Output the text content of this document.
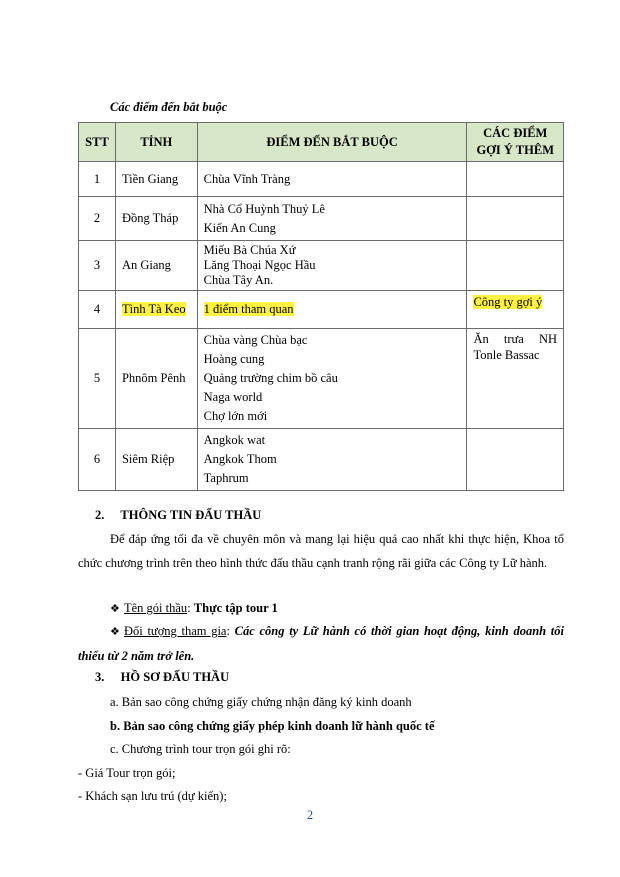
Các điểm đến bắt buộc
STT	TỈNH	ĐIỂM ĐẾN BẮT BUỘC	CÁC ĐIỂM
GỢI Ý THÊM

1	Tiền Giang	Chùa Vĩnh Tràng	

2	Đồng Tháp	Nhà Cổ Huỳnh Thuỷ Lê
Kiến An Cung	

3	An Giang	Miếu Bà Chúa Xứ
Lăng Thoại Ngọc Hầu
Chùa Tây An.	

4	Tình Tà Keo	1 điểm tham quan	Công ty gợi ý
5	Phnôm Pênh	Chùa vàng Chùa bạc
Hoàng cung
Quảng trường chim bồ câu
Naga world
Chợ lớn mới	Ăn trưa NH
Tonle Bassac

6	Siêm Riệp	Angkok wat
Angkok Thom
Taphrum	

2. THÔNG TIN ĐẤU THẦU
Để đáp ứng tối đa về chuyên môn và mang lại hiệu quả cao nhất khi thực hiện, Khoa tổ chức chương trình trên theo hình thức đấu thầu cạnh tranh rộng rãi giữa các Công ty Lữ hành.
❖ Tên gói thầu: Thực tập tour 1
❖ Đối tượng tham gia: Các công ty Lữ hành có thời gian hoạt động, kinh doanh tối thiểu từ 2 năm trở lên.
3. HỒ SƠ ĐẤU THẦU
a. Bản sao công chứng giấy chứng nhận đăng ký kinh doanh
b. Bản sao công chứng giấy phép kinh doanh lữ hành quốc tế
c. Chương trình tour trọn gói ghi rõ:
- Giá Tour trọn gói;
- Khách sạn lưu trú (dự kiến);
2
